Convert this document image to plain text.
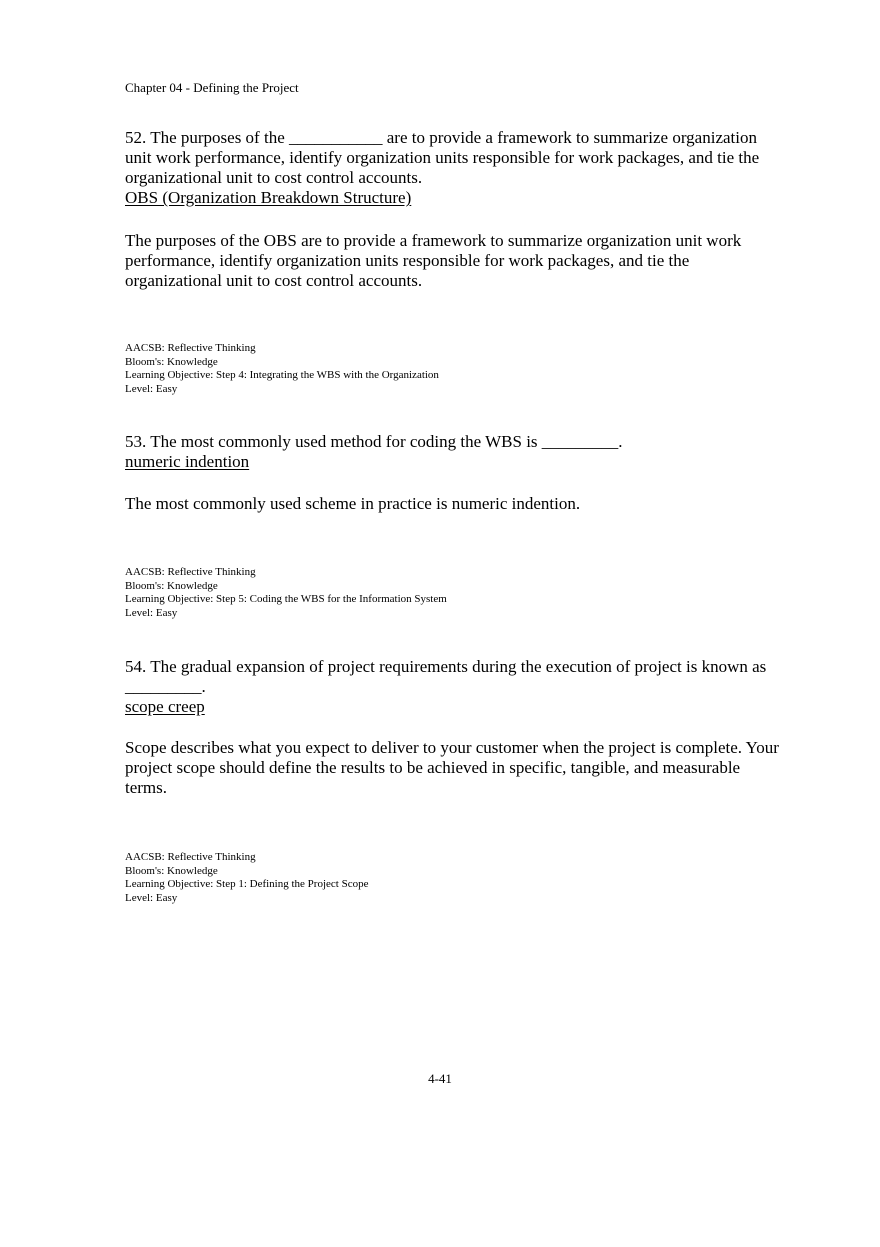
Chapter 04 - Defining the Project
52. The purposes of the ___________ are to provide a framework to summarize organization unit work performance, identify organization units responsible for work packages, and tie the organizational unit to cost control accounts.
OBS (Organization Breakdown Structure)
The purposes of the OBS are to provide a framework to summarize organization unit work performance, identify organization units responsible for work packages, and tie the organizational unit to cost control accounts.
AACSB: Reflective Thinking
Bloom's: Knowledge
Learning Objective: Step 4: Integrating the WBS with the Organization
Level: Easy
53. The most commonly used method for coding the WBS is _________.
numeric indention
The most commonly used scheme in practice is numeric indention.
AACSB: Reflective Thinking
Bloom's: Knowledge
Learning Objective: Step 5: Coding the WBS for the Information System
Level: Easy
54. The gradual expansion of project requirements during the execution of project is known as _________.
scope creep
Scope describes what you expect to deliver to your customer when the project is complete. Your project scope should define the results to be achieved in specific, tangible, and measurable terms.
AACSB: Reflective Thinking
Bloom's: Knowledge
Learning Objective: Step 1: Defining the Project Scope
Level: Easy
4-41
